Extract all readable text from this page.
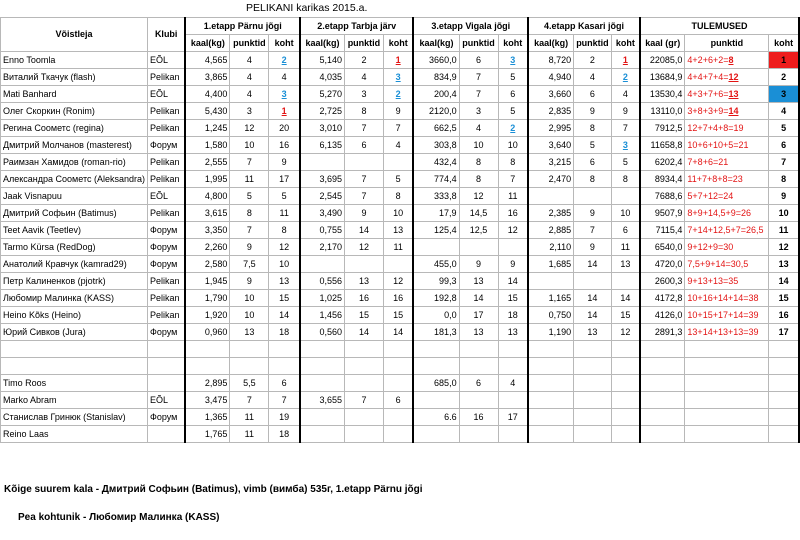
PELIKANI karikas 2015.a.
Võistleja	Klubi	1.etapp Pärnu jõgi			2.etapp Tarbja järv			3.etapp Vigala jõgi			4.etapp Kasari jõgi			TULEMUSED		
		kaal(kg)	punktid	koht	kaal(kg)	punktid	koht	kaal(kg)	punktid	koht	kaal(kg)	punktid	koht	kaal (gr)	punktid	koht
Enno Toomla	EÕL	4,565	4	2	5,140	2	1	3660,0	6	3	8,720	2	1	22085,0	4+2+6+2=8	1
Виталий Ткачук (flash)	Pelikan	3,865	4	4	4,035	4	3	834,9	7	5	4,940	4	2	13684,9	4+4+7+4=12	2
Mati Banhard	EÕL	4,400	4	3	5,270	3	2	200,4	7	6	3,660	6	4	13530,4	4+3+7+6=13	3
Олег Скоркин (Ronim)	Pelikan	5,430	3	1	2,725	8	9	2120,0	3	5	2,835	9	9	13110,0	3+8+3+9=14	4
Регина Соометс (regina)	Pelikan	1,245	12	20	3,010	7	7	662,5	4	2	2,995	8	7	7912,5	12+7+4+8=19	5
Дмитрий Молчанов (masterest)	Форум	1,580	10	16	6,135	6	4	303,8	10	10	3,640	5	3	11658,8	10+6+10+5=21	6
Раимзан Хамидов (roman-rio)	Pelikan	2,555	7	9				432,4	8	8	3,215	6	5	6202,4	7+8+6=21	7
Александра Соометс (Aleksandra)	Pelikan	1,995	11	17	3,695	7	5	774,4	8	7	2,470	8	8	8934,4	11+7+8+8=23	8
Jaak Visnapuu	EÕL	4,800	5	5	2,545	7	8	333,8	12	11				7688,6	5+7+12=24	9
Дмитрий Софьин (Batimus)	Pelikan	3,615	8	11	3,490	9	10	17,9	14,5	16	2,385	9	10	9507,9	8+9+14,5+9=26	10
Teet Aavik (Teetlev)	Форум	3,350	7	8	0,755	14	13	125,4	12,5	12	2,885	7	6	7115,4	7+14+12,5+7=26,5	11
Tarmo Kürsa (RedDog)	Форум	2,260	9	12	2,170	12	11				2,110	9	11	6540,0	9+12+9=30	12
Анатолий Кравчук (kamrad29)	Форум	2,580	7,5	10				455,0	9	9	1,685	14	13	4720,0	7,5+9+14=30,5	13
Петр Калиненков (pjotrk)	Pelikan	1,945	9	13	0,556	13	12	99,3	13	14				2600,3	9+13+13=35	14
Любомир Малинка (KASS)	Pelikan	1,790	10	15	1,025	16	16	192,8	14	15	1,165	14	14	4172,8	10+16+14+14=38	15
Heino Kõks (Heino)	Pelikan	1,920	10	14	1,456	15	15	0,0	17	18	0,750	14	15	4126,0	10+15+17+14=39	16
Юрий Сивков (Jura)	Форум	0,960	13	18	0,560	14	14	181,3	13	13	1,190	13	12	2891,3	13+14+13+13=39	17

Timo Roos		2,895	5,5	6				685,0	6	4						
Marko Abram	EÕL	3,475	7	7	3,655	7	6									
Станислав Гринюк (Stanislav)	Форум	1,365	11	19				6.6	16	17						
Reino Laas		1,765	11	18												
Kõige suurem kala - Дмитрий Софьин (Batimus), vimb (вимба) 535г, 1.etapp Pärnu jõgi
Pea kohtunik - Любомир Малинка (KASS)
